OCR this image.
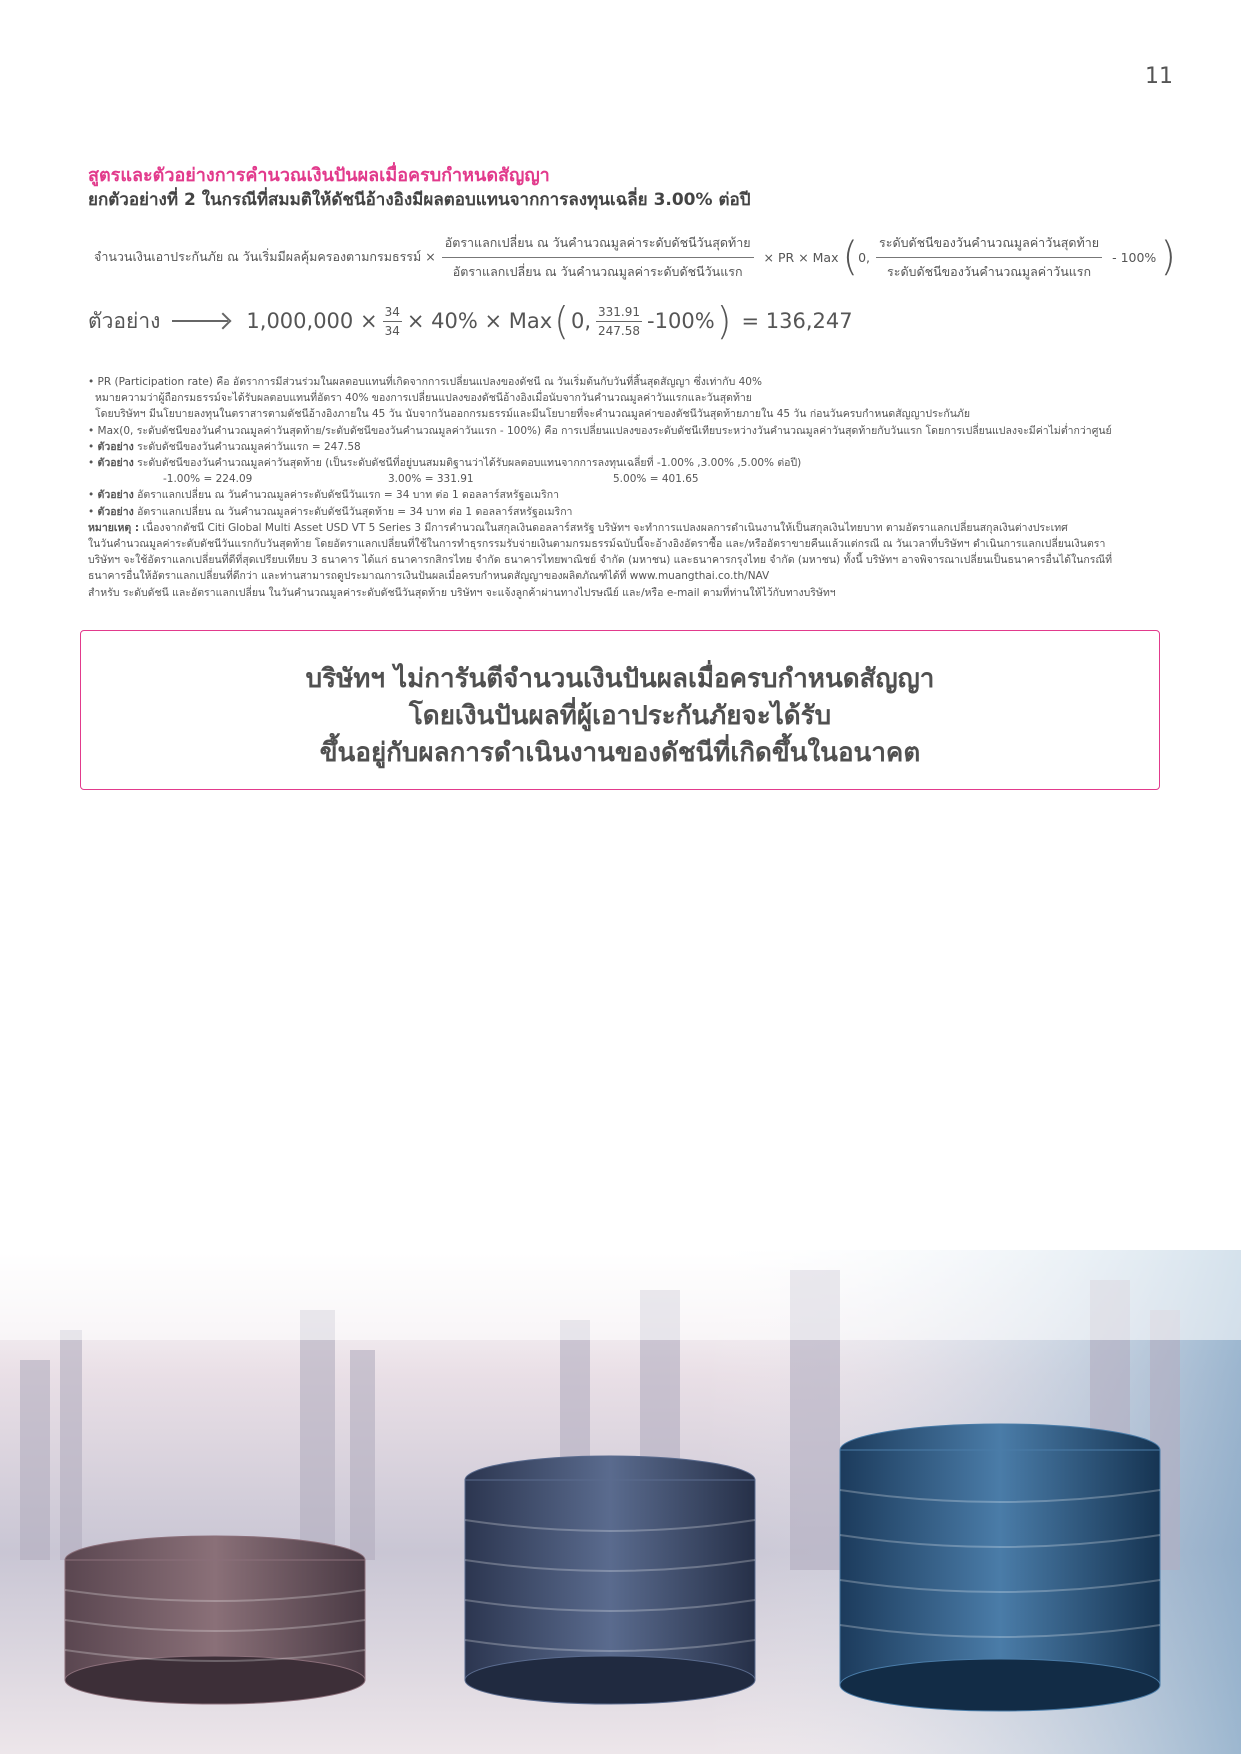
11
สูตรและตัวอย่างการคำนวณเงินปันผลเมื่อครบกำหนดสัญญา
ยกตัวอย่างที่ 2 ในกรณีที่สมมติให้ดัชนีอ้างอิงมีผลตอบแทนจากการลงทุนเฉลี่ย 3.00% ต่อปี
จำนวนเงินเอาประกันภัย ณ วันเริ่มมีผลคุ้มครองตามกรมธรรม์ × $\frac{\text{อัตราแลกเปลี่ยน ณ วันคำนวณมูลค่าระดับดัชนีวันสุดท้าย}}{\text{อัตราแลกเปลี่ยน ณ วันคำนวณมูลค่าระดับดัชนีวันแรก}}$ × PR × Max ( 0, $\frac{\text{ระดับดัชนีของวันคำนวณมูลค่าวันสุดท้าย}}{\text{ระดับดัชนีของวันคำนวณมูลค่าวันแรก}} - 100\%$ )
ตัวอย่าง	$1,000,000 \times \frac{34}{34} \times 40\%$ × Max ( 0, $\frac{331.91}{247.58} -100\%$ ) = 136,247

• PR (Participation rate) คือ อัตราการมีส่วนร่วมในผลตอบแทนที่เกิดจากการเปลี่ยนแปลงของดัชนี ณ วันเริ่มต้นกับวันที่สิ้นสุดสัญญา ซึ่งเท่ากับ 40%

หมายความว่าผู้ถือกรมธรรม์จะได้รับผลตอบแทนที่อัตรา 40% ของการเปลี่ยนแปลงของดัชนีอ้างอิงเมื่อนับจากวันคำนวณมูลค่าวันแรกและวันสุดท้าย

โดยบริษัทฯ มีนโยบายลงทุนในตราสารตามดัชนีอ้างอิงภายใน 45 วัน นับจากวันออกกรมธรรม์และมีนโยบายที่จะคำนวณมูลค่าของดัชนีวันสุดท้ายภายใน 45 วัน ก่อนวันครบกำหนดสัญญาประกันภัย

• Max(0, ระดับดัชนีของวันคำนวณมูลค่าวันสุดท้าย/ระดับดัชนีของวันคำนวณมูลค่าวันแรก - 100%) คือ การเปลี่ยนแปลงของระดับดัชนีเทียบระหว่างวันคำนวณมูลค่าวันสุดท้ายกับวันแรก โดยการเปลี่ยนแปลงจะมีค่าไม่ต่ำกว่าศูนย์

• ตัวอย่าง ระดับดัชนีของวันคำนวณมูลค่าวันแรก = 247.58

• ตัวอย่าง ระดับดัชนีของวันคำนวณมูลค่าวันสุดท้าย (เป็นระดับดัชนีที่อยู่บนสมมติฐานว่าได้รับผลตอบแทนจากการลงทุนเฉลี่ยที่ -1.00% ,3.00% ,5.00% ต่อปี)

-1.00% = 224.09	3.00% = 331.91	5.00% = 401.65

• ตัวอย่าง อัตราแลกเปลี่ยน ณ วันคำนวณมูลค่าระดับดัชนีวันแรก = 34 บาท ต่อ 1 ดอลลาร์สหรัฐอเมริกา

• ตัวอย่าง อัตราแลกเปลี่ยน ณ วันคำนวณมูลค่าระดับดัชนีวันสุดท้าย = 34 บาท ต่อ 1 ดอลลาร์สหรัฐอเมริกา

หมายเหตุ : เนื่องจากดัชนี Citi Global Multi Asset USD VT 5 Series 3 มีการคำนวณในสกุลเงินดอลลาร์สหรัฐ บริษัทฯ จะทำการแปลงผลการดำเนินงานให้เป็นสกุลเงินไทยบาท ตามอัตราแลกเปลี่ยนสกุลเงินต่างประเทศ

ในวันคำนวณมูลค่าระดับดัชนีวันแรกกับวันสุดท้าย โดยอัตราแลกเปลี่ยนที่ใช้ในการทำธุรกรรมรับจ่ายเงินตามกรมธรรม์ฉบับนี้จะอ้างอิงอัตราซื้อ และ/หรืออัตราขายคืนแล้วแต่กรณี ณ วันเวลาที่บริษัทฯ ดำเนินการแลกเปลี่ยนเงินตรา

บริษัทฯ จะใช้อัตราแลกเปลี่ยนที่ดีที่สุดเปรียบเทียบ 3 ธนาคาร ได้แก่ ธนาคารกสิกรไทย จำกัด ธนาคารไทยพาณิชย์ จำกัด (มหาชน) และธนาคารกรุงไทย จำกัด (มหาชน) ทั้งนี้ บริษัทฯ อาจพิจารณาเปลี่ยนเป็นธนาคารอื่นได้ในกรณีที่

ธนาคารอื่นให้อัตราแลกเปลี่ยนที่ดีกว่า และท่านสามารถดูประมาณการเงินปันผลเมื่อครบกำหนดสัญญาของผลิตภัณฑ์ได้ที่ www.muangthai.co.th/NAV

สำหรับ ระดับดัชนี และอัตราแลกเปลี่ยน ในวันคำนวณมูลค่าระดับดัชนีวันสุดท้าย บริษัทฯ จะแจ้งลูกค้าผ่านทางไปรษณีย์ และ/หรือ e-mail ตามที่ท่านให้ไว้กับทางบริษัทฯ

บริษัทฯ ไม่การันตีจำนวนเงินปันผลเมื่อครบกำหนดสัญญา
โดยเงินปันผลที่ผู้เอาประกันภัยจะได้รับ
ขึ้นอยู่กับผลการดำเนินงานของดัชนีที่เกิดขึ้นในอนาคต
